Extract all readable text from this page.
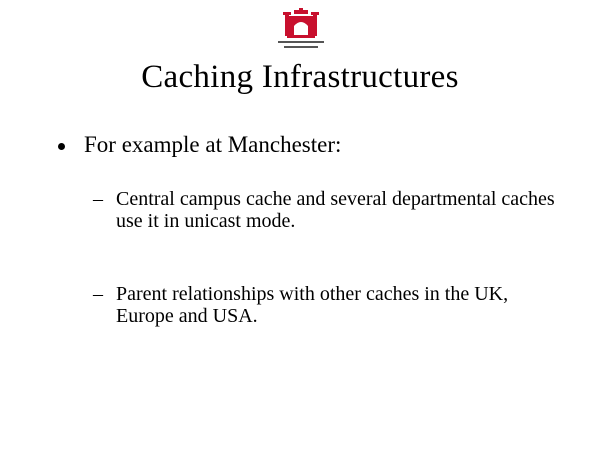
Caching Infrastructures
For example at Manchester:
– Central campus cache and several departmental caches use it in unicast mode.
– Parent relationships with other caches in the UK, Europe and USA.
